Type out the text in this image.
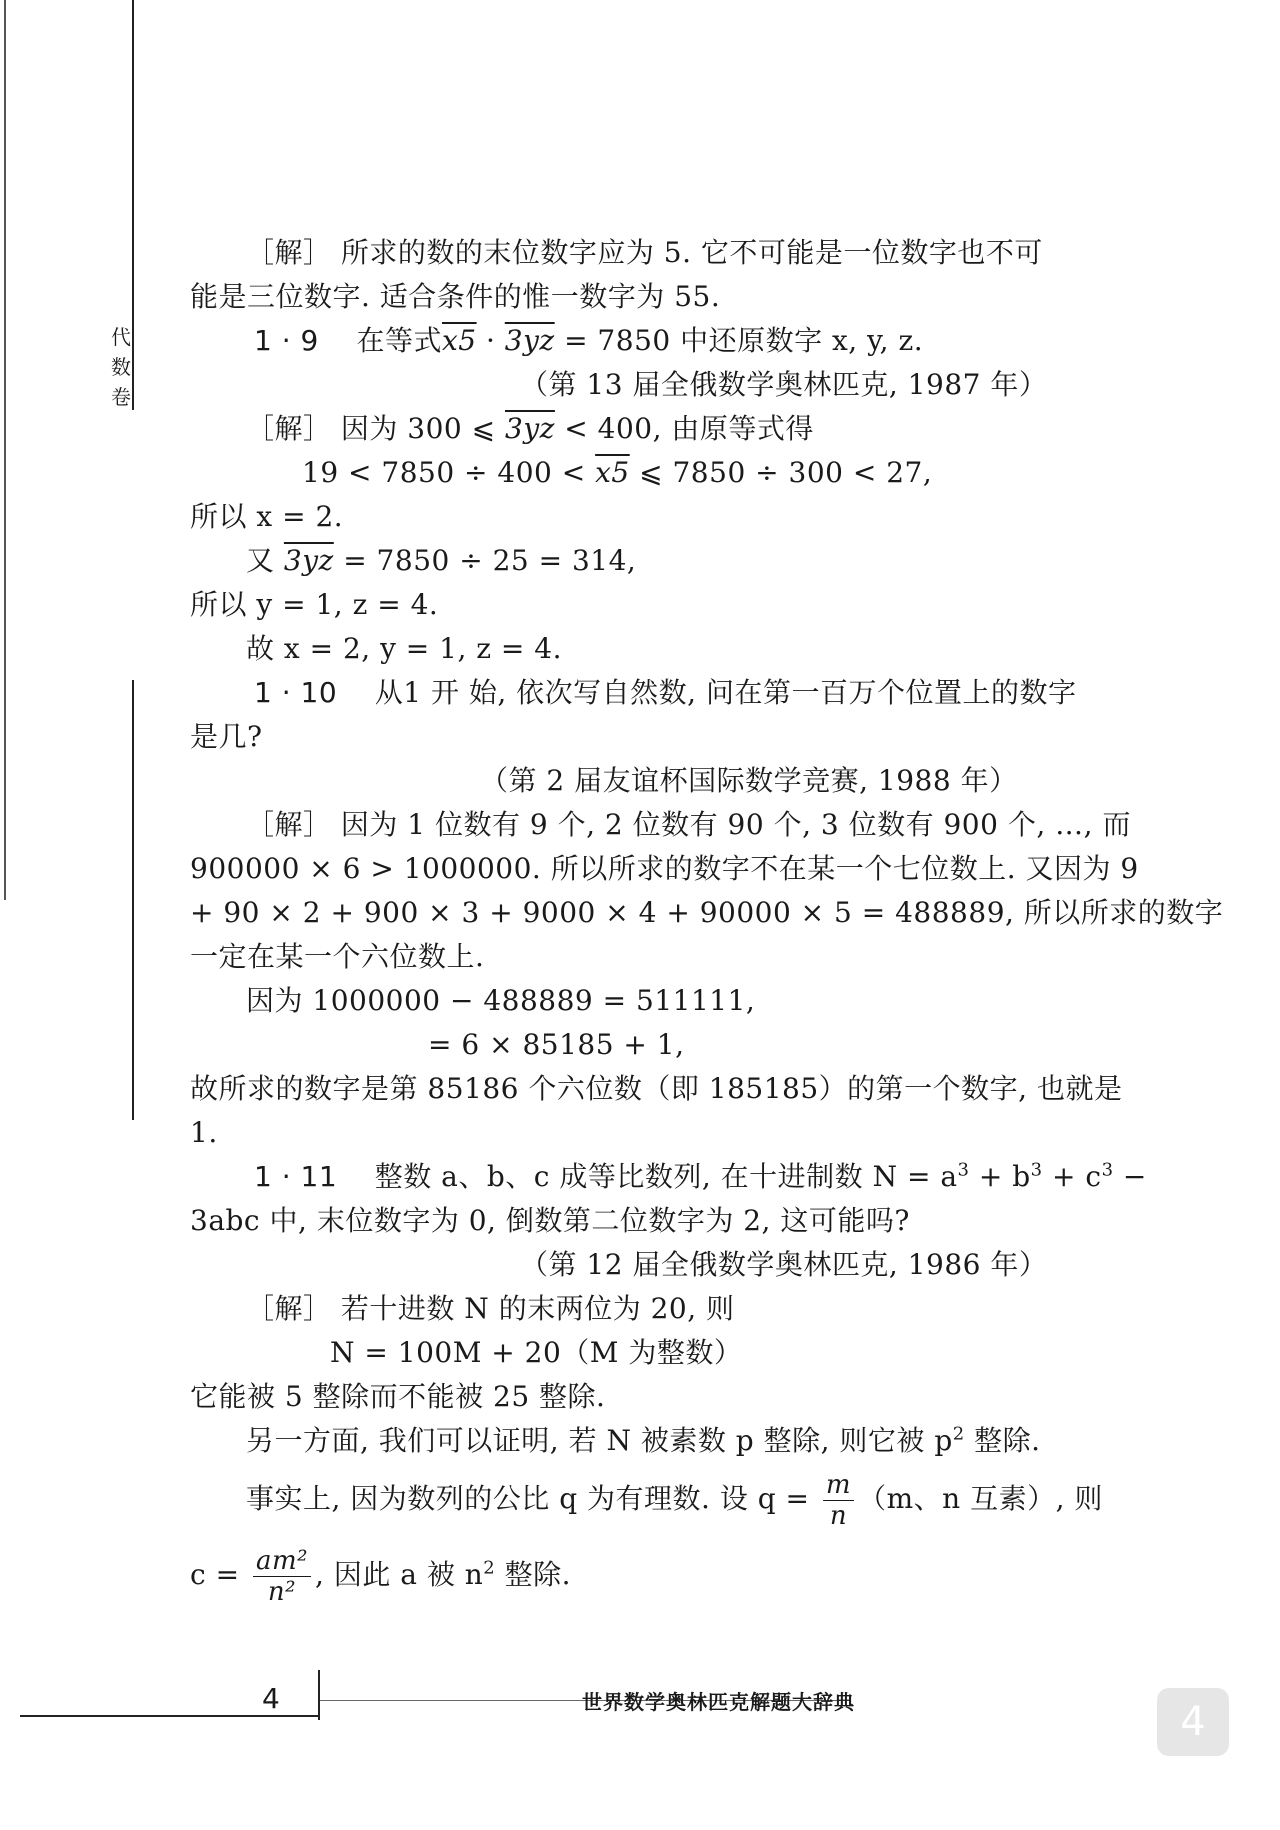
代
数
卷
［解］ 所求的数的末位数字应为 5. 它不可能是一位数字也不可
能是三位数字. 适合条件的惟一数字为 55.
1 · 9 在等式x5 · 3yz = 7850 中还原数字 x, y, z.
（第 13 届全俄数学奥林匹克, 1987 年）
［解］ 因为 300 ⩽ 3yz < 400, 由原等式得
19 < 7850 ÷ 400 < x5 ⩽ 7850 ÷ 300 < 27,
所以 x = 2.
又 3yz = 7850 ÷ 25 = 314,
所以 y = 1, z = 4.
故 x = 2, y = 1, z = 4.
1 · 10 从1 开 始, 依次写自然数, 问在第一百万个位置上的数字
是几?
（第 2 届友谊杯国际数学竞赛, 1988 年）
［解］ 因为 1 位数有 9 个, 2 位数有 90 个, 3 位数有 900 个, …, 而
900000 × 6 > 1000000. 所以所求的数字不在某一个七位数上. 又因为 9
+ 90 × 2 + 900 × 3 + 9000 × 4 + 90000 × 5 = 488889, 所以所求的数字
一定在某一个六位数上.
因为 1000000 − 488889 = 511111,
= 6 × 85185 + 1,
故所求的数字是第 85186 个六位数（即 185185）的第一个数字, 也就是
1.
1 · 11 整数 a、b、c 成等比数列, 在十进制数 $N = a^3 + b^3 + c^3$ −
3abc 中, 末位数字为 0, 倒数第二位数字为 2, 这可能吗?
（第 12 届全俄数学奥林匹克, 1986 年）
［解］ 若十进数 N 的末两位为 20, 则
N = 100M + 20（M 为整数）
它能被 5 整除而不能被 25 整除.
另一方面, 我们可以证明, 若 N 被素数 p 整除, 则它被 $p^2$ 整除.
事实上, 因为数列的公比 q 为有理数. 设 $q = \frac{m}{n} (m$、n 互素）, 则
$c = \frac{\text{am²}}{\text{n²}}$ , 因此 a 被 $n^2$ 整除.
4	世界数学奥林匹克解题大辞典	4
